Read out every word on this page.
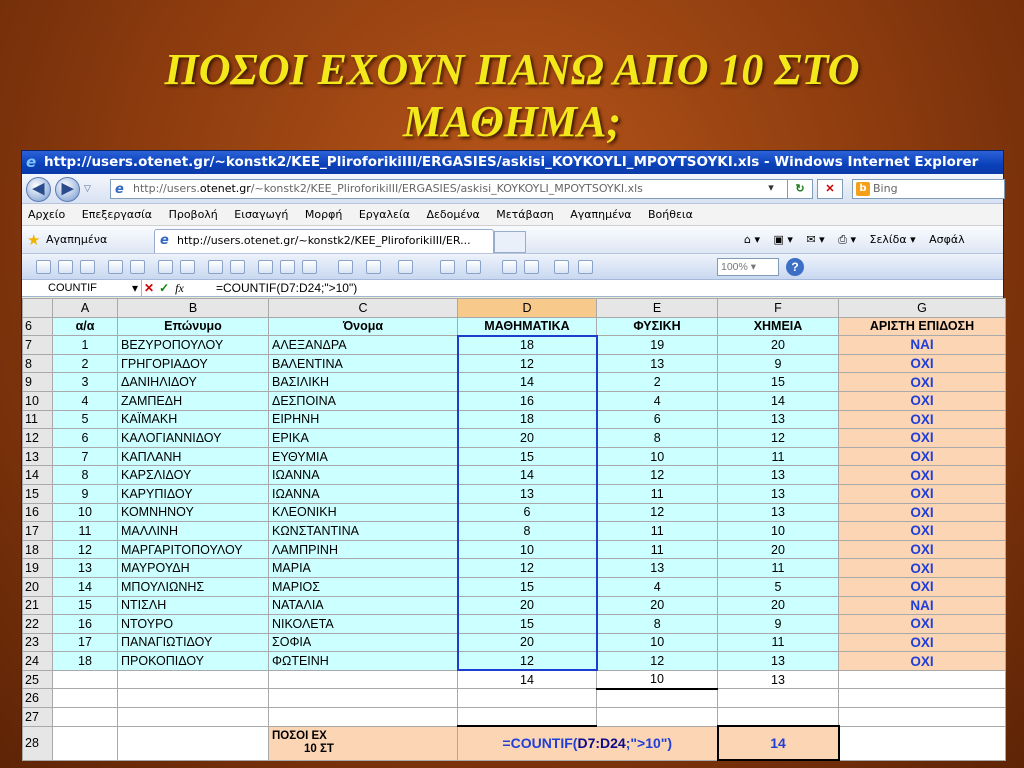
ΠΟΣΟΙ ΕΧΟΥΝ ΠΑΝΩ ΑΠΟ 10 ΣΤΟ
ΜΑΘΗΜΑ;
e http://users.otenet.gr/~konstk2/KEE_PliroforikiIII/ERGASIES/askisi_KOYKOYLI_MPOYTSOYKI.xls - Windows Internet Explorer
◀	▶	▽ e http://users.otenet.gr/~konstk2/KEE_PliroforikiIII/ERGASIES/askisi_KOYKOYLI_MPOYTSOYKI.xls	▾	↻	✕	b Bing
Αρχείο Επεξεργασία Προβολή Εισαγωγή Μορφή Εργαλεία Δεδομένα Μετάβαση Αγαπημένα Βοήθεια
★ Αγαπημένα	e http://users.otenet.gr/~konstk2/KEE_PliroforikiIII/ER...	⌂ ▾ ▣ ▾ ✉ ▾ ⎙ ▾ Σελίδα ▾ Ασφάλ
100% ▾	?
COUNTIF	▾ ✕ ✓ fx	=COUNTIF(D7:D24;">10")
	A	B	C	D	E	F	G
6	α/α	Επώνυμο	Όνομα	ΜΑΘΗΜΑΤΙΚΑ	ΦΥΣΙΚΗ	ΧΗΜΕΙΑ	ΑΡΙΣΤΗ ΕΠΙΔΟΣΗ
7	1	ΒΕΖΥΡΟΠΟΥΛΟΥ	ΑΛΕΞΑΝΔΡΑ	18	19	20	ΝΑΙ
8	2	ΓΡΗΓΟΡΙΑΔΟΥ	ΒΑΛΕΝΤΙΝΑ	12	13	9	ΟΧΙ
9	3	ΔΑΝΙΗΛΙΔΟΥ	ΒΑΣΙΛΙΚΗ	14	2	15	ΟΧΙ
10	4	ΖΑΜΠΕΔΗ	ΔΕΣΠΟΙΝΑ	16	4	14	ΟΧΙ
11	5	ΚΑΪΜΑΚΗ	ΕΙΡΗΝΗ	18	6	13	ΟΧΙ
12	6	ΚΑΛΟΓΙΑΝΝΙΔΟΥ	ΕΡΙΚΑ	20	8	12	ΟΧΙ
13	7	ΚΑΠΛΑΝΗ	ΕΥΘΥΜΙΑ	15	10	11	ΟΧΙ
14	8	ΚΑΡΣΛΙΔΟΥ	ΙΩΑΝΝΑ	14	12	13	ΟΧΙ
15	9	ΚΑΡΥΠΙΔΟΥ	ΙΩΑΝΝΑ	13	11	13	ΟΧΙ
16	10	ΚΟΜΝΗΝΟΥ	ΚΛΕΟΝΙΚΗ	6	12	13	ΟΧΙ
17	11	ΜΑΛΛΙΝΗ	ΚΩΝΣΤΑΝΤΙΝΑ	8	11	10	ΟΧΙ
18	12	ΜΑΡΓΑΡΙΤΟΠΟΥΛΟΥ	ΛΑΜΠΡΙΝΗ	10	11	20	ΟΧΙ
19	13	ΜΑΥΡΟΥΔΗ	ΜΑΡΙΑ	12	13	11	ΟΧΙ
20	14	ΜΠΟΥΛΙΩΝΗΣ	ΜΑΡΙΟΣ	15	4	5	ΟΧΙ
21	15	ΝΤΙΣΛΗ	ΝΑΤΑΛΙΑ	20	20	20	ΝΑΙ
22	16	ΝΤΟΥΡΟ	ΝΙΚΟΛΕΤΑ	15	8	9	ΟΧΙ
23	17	ΠΑΝΑΓΙΩΤΙΔΟΥ	ΣΟΦΙΑ	20	10	11	ΟΧΙ
24	18	ΠΡΟΚΟΠΙΔΟΥ	ΦΩΤΕΙΝΗ	12	12	13	ΟΧΙ
25				14	10	13	
26							
27							
28			ΠΟΣΟΙ ΕΧ
10 ΣΤ	=COUNTIF(D7:D24;">10")		14	
